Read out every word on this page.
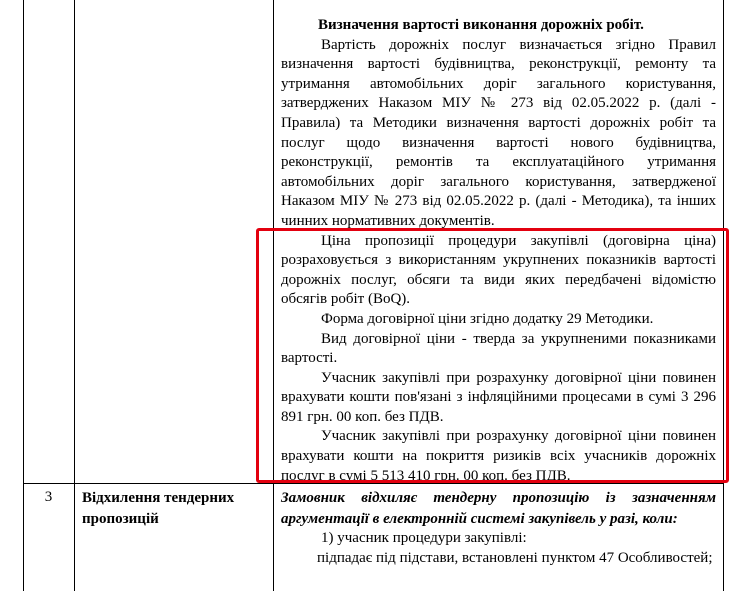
Визначення вартості виконання дорожніх робіт.

Вартість дорожніх послуг визначається згідно Правил визначення вартості будівництва, реконструкції, ремонту та утримання автомобільних доріг загального користування, затверджених Наказом МІУ № 273 від 02.05.2022 р. (далі - Правила) та Методики визначення вартості дорожніх робіт та послуг щодо визначення вартості нового будівництва, реконструкції, ремонтів та експлуатаційного утримання автомобільних доріг загального користування, затвердженої Наказом МІУ № 273 від 02.05.2022 р. (далі - Методика), та інших чинних нормативних документів.

Ціна пропозиції процедури закупівлі (договірна ціна) розраховується з використанням укрупнених показників вартості дорожніх послуг, обсяги та види яких передбачені відомістю обсягів робіт (BoQ).

Форма договірної ціни згідно додатку 29 Методики.

Вид договірної ціни - тверда за укрупненими показниками вартості.

Учасник закупівлі при розрахунку договірної ціни повинен врахувати кошти пов'язані з інфляційними процесами в сумі 3 296 891 грн. 00 коп. без ПДВ.

Учасник закупівлі при розрахунку договірної ціни повинен врахувати кошти на покриття ризиків всіх учасників дорожніх послуг в сумі 5 513 410 грн. 00 коп. без ПДВ.

3	Відхилення тендерних пропозицій

Замовник відхиляє тендерну пропозицію із зазначенням аргументації в електронній системі закупівель у разі, коли:

1) учасник процедури закупівлі:

підпадає під підстави, встановлені пунктом 47 Особливостей;
